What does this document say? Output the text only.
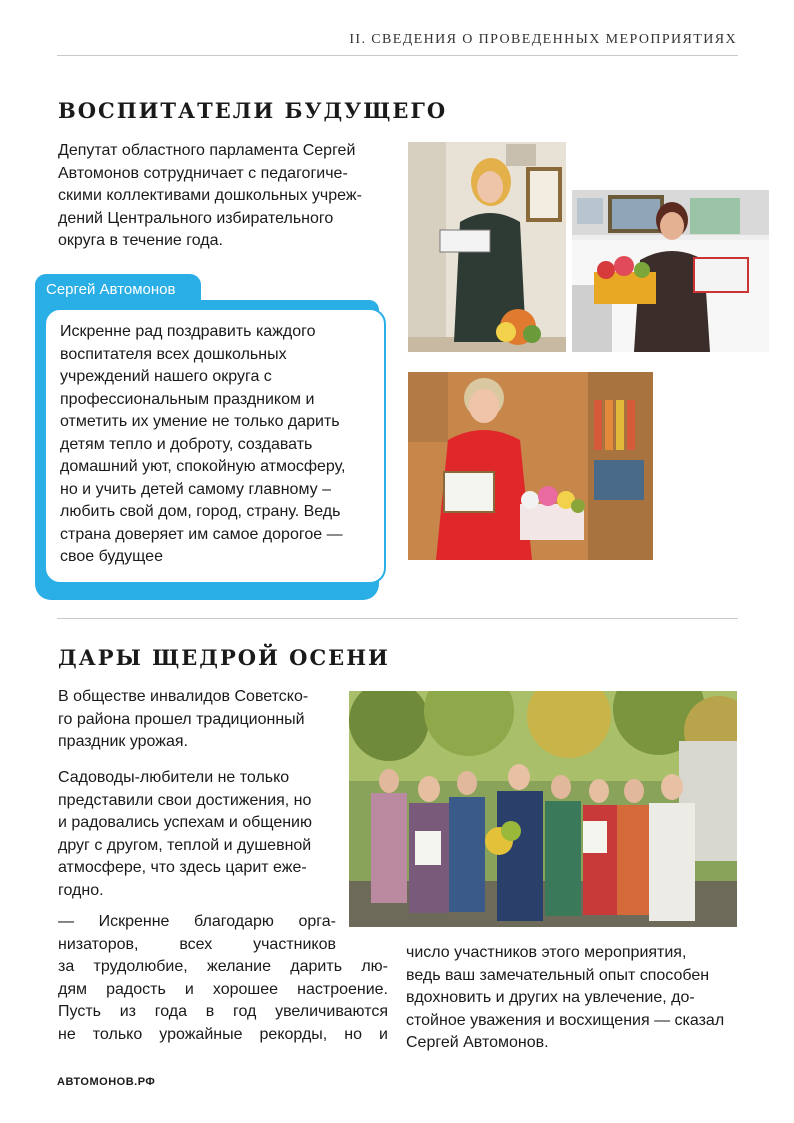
II. СВЕДЕНИЯ О ПРОВЕДЕННЫХ МЕРОПРИЯТИЯХ
ВОСПИТАТЕЛИ БУДУЩЕГО

Депутат областного парламента Сергей

Автомонов сотрудничает с педагогиче-

скими коллективами дошкольных учреж-

дений Центрального избирательного

округа в течение года.

Сергей Автомонов
Искренне рад поздравить каждого
воспитателя всех дошкольных
учреждений нашего округа с
профессиональным праздником и
отметить их умение не только дарить
детям тепло и доброту, создавать
домашний уют, спокойную атмосферу,
но и учить детей самому главному –
любить свой дом, город, страну. Ведь
страна доверяет им самое дорогое —
свое будущее
ДАРЫ ЩЕДРОЙ ОСЕНИ

В обществе инвалидов Советско-

го района прошел традиционный

праздник урожая.

Садоводы-любители не только

представили свои достижения, но

и радовались успехам и общению

друг с другом, теплой и душевной

атмосфере, что здесь царит еже-

годно.

— Искренне благодарю орга-

низаторов, всех участников

за трудолюбие, желание дарить лю-

дям радость и хорошее настроение.

Пусть из года в год увеличиваются

не только урожайные рекорды, но и

число участников этого мероприятия,

ведь ваш замечательный опыт способен

вдохновить и других на увлечение, до-

стойное уважения и восхищения — сказал

Сергей Автомонов.

АВТОМОНОВ.РФ
